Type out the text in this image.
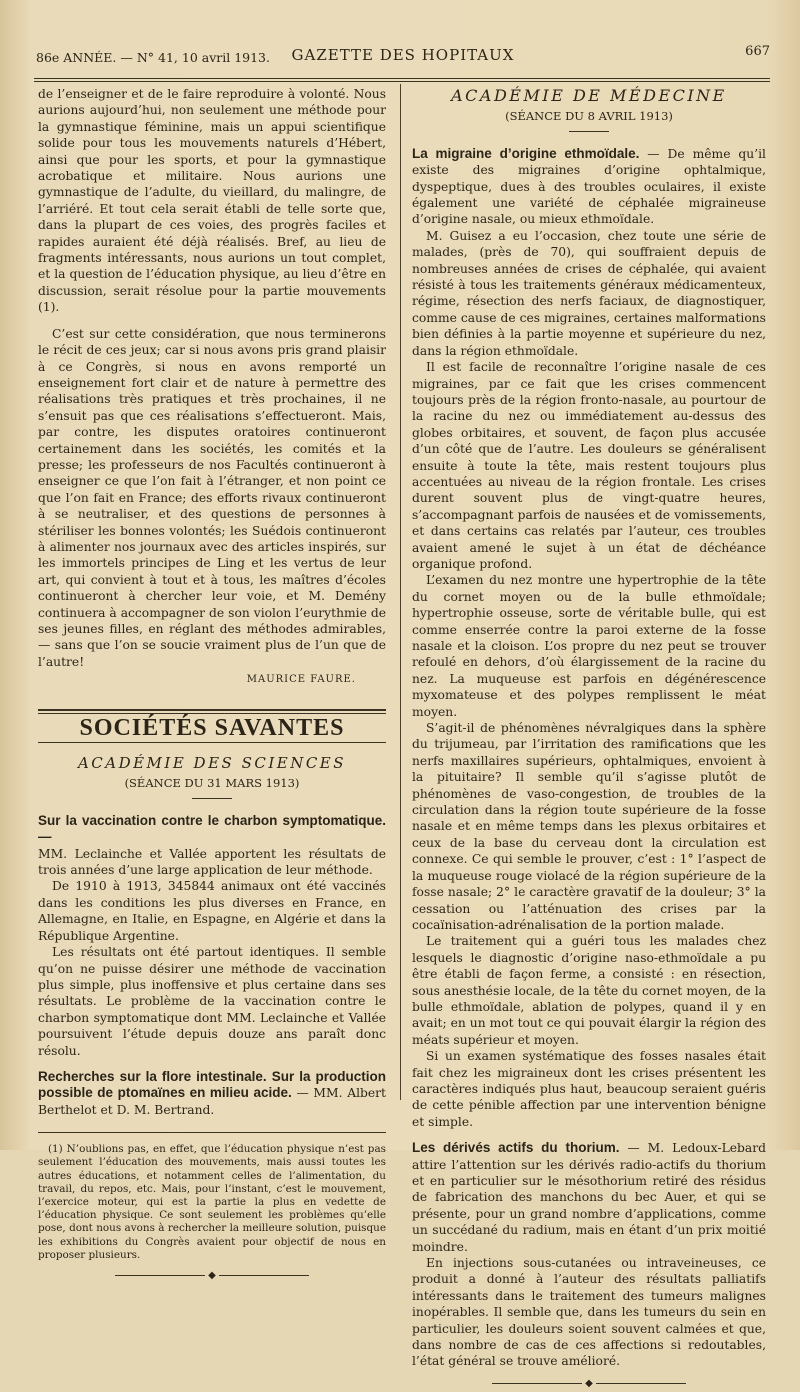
86e ANNÉE. — N° 41, 10 avril 1913.	GAZETTE DES HOPITAUX	667

de l’enseigner et de le faire reproduire à volonté. Nous aurions aujourd’hui, non seulement une méthode pour la gymnastique féminine, mais un appui scientifique solide pour tous les mouvements naturels d’Hébert, ainsi que pour les sports, et pour la gymnastique acrobatique et militaire. Nous aurions une gymnastique de l’adulte, du vieillard, du malingre, de l’arriéré. Et tout cela serait établi de telle sorte que, dans la plupart de ces voies, des progrès faciles et rapides auraient été déjà réalisés. Bref, au lieu de fragments intéressants, nous aurions un tout complet, et la question de l’éducation physique, au lieu d’être en discussion, serait résolue pour la partie mouvements (1).

C’est sur cette considération, que nous terminerons le récit de ces jeux; car si nous avons pris grand plaisir à ce Congrès, si nous en avons remporté un enseignement fort clair et de nature à permettre des réalisations très pratiques et très prochaines, il ne s’ensuit pas que ces réalisations s’effectueront. Mais, par contre, les disputes oratoires continueront certainement dans les sociétés, les comités et la presse; les professeurs de nos Facultés continueront à enseigner ce que l’on fait à l’étranger, et non point ce que l’on fait en France; des efforts rivaux continueront à se neutraliser, et des questions de personnes à stériliser les bonnes volontés; les Suédois continueront à alimenter nos journaux avec des articles inspirés, sur les immortels principes de Ling et les vertus de leur art, qui convient à tout et à tous, les maîtres d’écoles continueront à chercher leur voie, et M. Demény continuera à accompagner de son violon l’eurythmie de ses jeunes filles, en réglant des méthodes admirables, — sans que l’on se soucie vraiment plus de l’un que de l’autre!

MAURICE FAURE.
SOCIÉTÉS SAVANTES
ACADÉMIE DES SCIENCES
(SÉANCE DU 31 MARS 1913)

Sur la vaccination contre le charbon symptomatique. —

MM. Leclainche et Vallée apportent les résultats de trois années d’une large application de leur méthode.

De 1910 à 1913, 345844 animaux ont été vaccinés dans les conditions les plus diverses en France, en Allemagne, en Italie, en Espagne, en Algérie et dans la République Argentine.

Les résultats ont été partout identiques. Il semble qu’on ne puisse désirer une méthode de vaccination plus simple, plus inoffensive et plus certaine dans ses résultats. Le problème de la vaccination contre le charbon symptomatique dont MM. Leclainche et Vallée poursuivent l’étude depuis douze ans paraît donc résolu.

Recherches sur la flore intestinale. Sur la production possible de ptomaïnes en milieu acide. — MM. Albert Berthelot et D. M. Bertrand.

(1) N’oublions pas, en effet, que l’éducation physique n’est pas seulement l’éducation des mouvements, mais aussi toutes les autres éducations, et notamment celles de l’alimentation, du travail, du repos, etc. Mais, pour l’instant, c’est le mouvement, l’exercice moteur, qui est la partie la plus en vedette de l’éducation physique. Ce sont seulement les problèmes qu’elle pose, dont nous avons à rechercher la meilleure solution, puisque les exhibitions du Congrès avaient pour objectif de nous en proposer plusieurs.

◆
ACADÉMIE DE MÉDECINE
(SÉANCE DU 8 AVRIL 1913)

La migraine d’origine ethmoïdale. — De même qu’il existe des migraines d’origine ophtalmique, dyspeptique, dues à des troubles oculaires, il existe également une variété de céphalée migraineuse d’origine nasale, ou mieux ethmoïdale.

M. Guisez a eu l’occasion, chez toute une série de malades, (près de 70), qui souffraient depuis de nombreuses années de crises de céphalée, qui avaient résisté à tous les traitements généraux médicamenteux, régime, résection des nerfs faciaux, de diagnostiquer, comme cause de ces migraines, certaines malformations bien définies à la partie moyenne et supérieure du nez, dans la région ethmoïdale.

Il est facile de reconnaître l’origine nasale de ces migraines, par ce fait que les crises commencent toujours près de la région fronto-nasale, au pourtour de la racine du nez ou immédiatement au-dessus des globes orbitaires, et souvent, de façon plus accusée d’un côté que de l’autre. Les douleurs se généralisent ensuite à toute la tête, mais restent toujours plus accentuées au niveau de la région frontale. Les crises durent souvent plus de vingt-quatre heures, s’accompagnant parfois de nausées et de vomissements, et dans certains cas relatés par l’auteur, ces troubles avaient amené le sujet à un état de déchéance organique profond.

L’examen du nez montre une hypertrophie de la tête du cornet moyen ou de la bulle ethmoïdale; hypertrophie osseuse, sorte de véritable bulle, qui est comme enserrée contre la paroi externe de la fosse nasale et la cloison. L’os propre du nez peut se trouver refoulé en dehors, d’où élargissement de la racine du nez. La muqueuse est parfois en dégénérescence myxomateuse et des polypes remplissent le méat moyen.

S’agit-il de phénomènes névralgiques dans la sphère du trijumeau, par l’irritation des ramifications que les nerfs maxillaires supérieurs, ophtalmiques, envoient à la pituitaire? Il semble qu’il s’agisse plutôt de phénomènes de vaso-congestion, de troubles de la circulation dans la région toute supérieure de la fosse nasale et en même temps dans les plexus orbitaires et ceux de la base du cerveau dont la circulation est connexe. Ce qui semble le prouver, c’est : 1° l’aspect de la muqueuse rouge violacé de la région supérieure de la fosse nasale; 2° le caractère gravatif de la douleur; 3° la cessation ou l’atténuation des crises par la cocaïnisation-adrénalisation de la portion malade.

Le traitement qui a guéri tous les malades chez lesquels le diagnostic d’origine naso-ethmoïdale a pu être établi de façon ferme, a consisté : en résection, sous anesthésie locale, de la tête du cornet moyen, de la bulle ethmoïdale, ablation de polypes, quand il y en avait; en un mot tout ce qui pouvait élargir la région des méats supérieur et moyen.

Si un examen systématique des fosses nasales était fait chez les migraineux dont les crises présentent les caractères indiqués plus haut, beaucoup seraient guéris de cette pénible affection par une intervention bénigne et simple.

Les dérivés actifs du thorium. — M. Ledoux-Lebard attire l’attention sur les dérivés radio-actifs du thorium et en particulier sur le mésothorium retiré des résidus de fabrication des manchons du bec Auer, et qui se présente, pour un grand nombre d’applications, comme un succédané du radium, mais en étant d’un prix moitié moindre.

En injections sous-cutanées ou intraveineuses, ce produit a donné à l’auteur des résultats palliatifs intéressants dans le traitement des tumeurs malignes inopérables. Il semble que, dans les tumeurs du sein en particulier, les douleurs soient souvent calmées et que, dans nombre de cas de ces affections si redoutables, l’état général se trouve amélioré.

◆
